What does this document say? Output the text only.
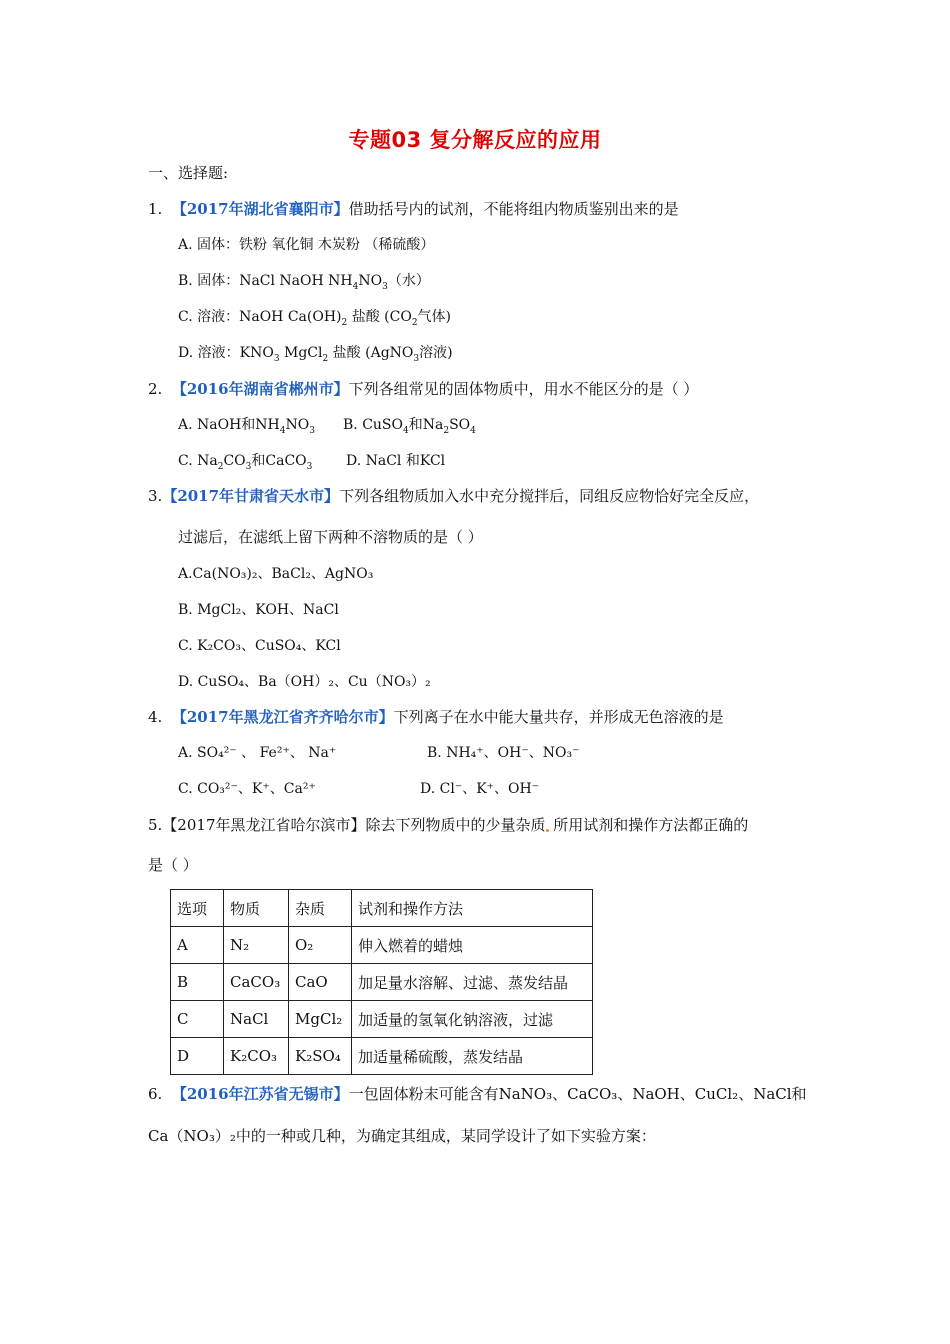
专题03 复分解反应的应用
一、选择题:
1. 【2017年湖北省襄阳市】借助括号内的试剂，不能将组内物质鉴别出来的是
A. 固体：铁粉 氧化铜 木炭粉 （稀硫酸）
B. 固体：NaCl NaOH $NH_4NO_3$（水）
C. 溶液：NaOH $Ca(OH)_2$ 盐酸 ($CO_2$气体)
D. 溶液：$KNO_3$ MgCl$_2$ 盐酸 (AgNO$_3$溶液)
2. 【2016年湖南省郴州市】下列各组常见的固体物质中，用水不能区分的是（ ）
A. NaOH和$NH_4NO_3$ B. CuSO$_4$和$Na_2SO_4$
C. $Na_2CO_3$和CaCO$_3$ D. NaCl 和KCl
3.【2017年甘肃省天水市】下列各组物质加入水中充分搅拌后，同组反应物恰好完全反应，
过滤后，在滤纸上留下两种不溶物质的是（ ）
A.Ca(NO₃)₂、BaCl₂、AgNO₃
B. MgCl₂、KOH、NaCl
C. K₂CO₃、CuSO₄、KCl
D. CuSO₄、Ba（OH）₂、Cu（NO₃）₂
4. 【2017年黑龙江省齐齐哈尔市】下列离子在水中能大量共存，并形成无色溶液的是
A. SO₄²⁻ 、 Fe²⁺、 Na⁺	B. NH₄⁺、OH⁻、NO₃⁻
C. CO₃²⁻、K⁺、Ca²⁺	D. Cl⁻、K⁺、OH⁻
5.【2017年黑龙江省哈尔滨市】除去下列物质中的少量杂质 所用试剂和操作方法都正确的
是（ ）
选项	物质	杂质	试剂和操作方法
A	N₂	O₂	伸入燃着的蜡烛
B	CaCO₃	CaO	加足量水溶解、过滤、蒸发结晶
C	NaCl	MgCl₂	加适量的氢氧化钠溶液，过滤
D	K₂CO₃	K₂SO₄	加适量稀硫酸，蒸发结晶
6. 【2016年江苏省无锡市】一包固体粉末可能含有NaNO₃、CaCO₃、NaOH、CuCl₂、NaCl和
Ca（NO₃）₂中的一种或几种，为确定其组成，某同学设计了如下实验方案：
